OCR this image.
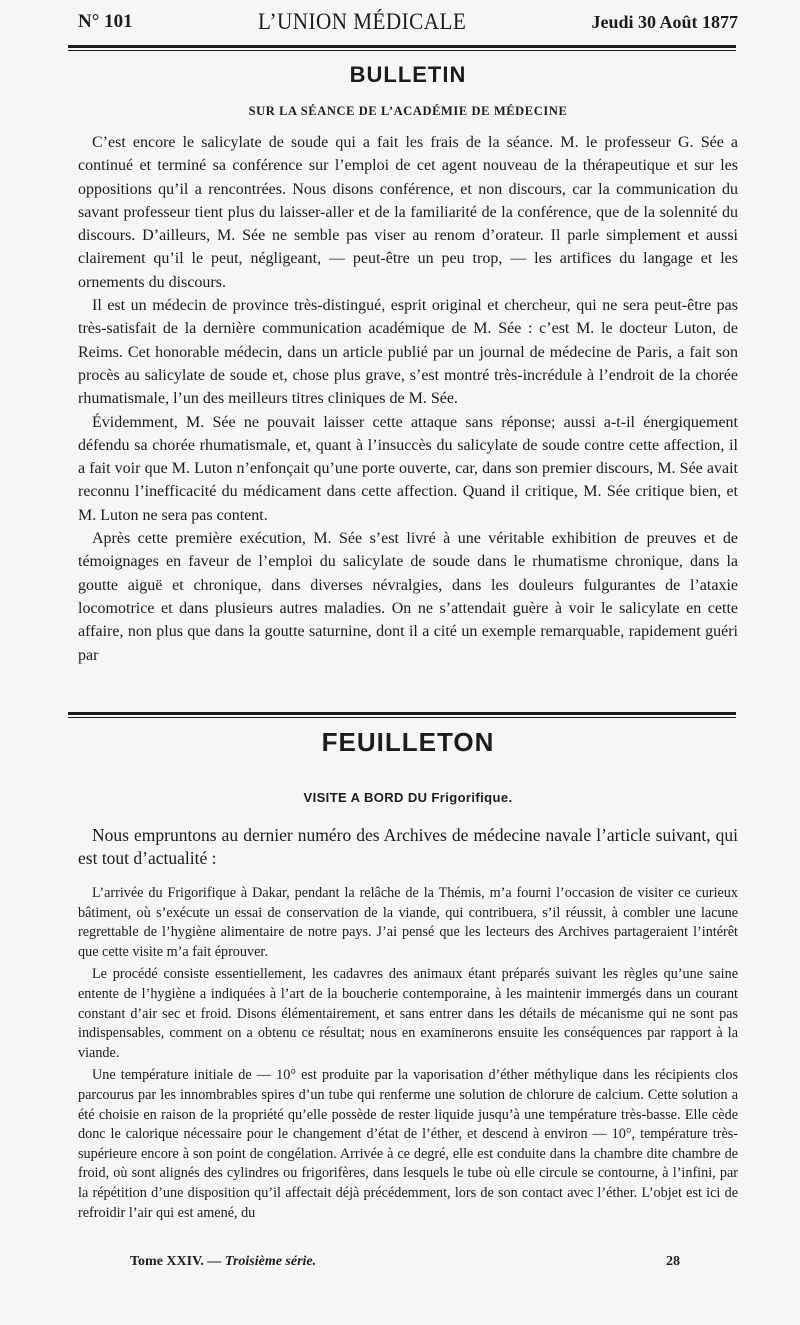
N° 101	L’UNION MÉDICALE	Jeudi 30 Août 1877
BULLETIN
SUR LA SÉANCE DE L’ACADÉMIE DE MÉDECINE

C’est encore le salicylate de soude qui a fait les frais de la séance. M. le professeur G. Sée a continué et terminé sa conférence sur l’emploi de cet agent nouveau de la thérapeutique et sur les oppositions qu’il a rencontrées. Nous disons conférence, et non discours, car la communication du savant professeur tient plus du laisser-aller et de la familiarité de la conférence, que de la solennité du discours. D’ailleurs, M. Sée ne semble pas viser au renom d’orateur. Il parle simplement et aussi clairement qu’il le peut, négligeant, — peut-être un peu trop, — les artifices du langage et les ornements du discours.

Il est un médecin de province très-distingué, esprit original et chercheur, qui ne sera peut-être pas très-satisfait de la dernière communication académique de M. Sée : c’est M. le docteur Luton, de Reims. Cet honorable médecin, dans un article publié par un journal de médecine de Paris, a fait son procès au salicylate de soude et, chose plus grave, s’est montré très-incrédule à l’endroit de la chorée rhumatismale, l’un des meilleurs titres cliniques de M. Sée.

Évidemment, M. Sée ne pouvait laisser cette attaque sans réponse; aussi a-t-il énergiquement défendu sa chorée rhumatismale, et, quant à l’insuccès du salicylate de soude contre cette affection, il a fait voir que M. Luton n’enfonçait qu’une porte ouverte, car, dans son premier discours, M. Sée avait reconnu l’inefficacité du médicament dans cette affection. Quand il critique, M. Sée critique bien, et M. Luton ne sera pas content.

Après cette première exécution, M. Sée s’est livré à une véritable exhibition de preuves et de témoignages en faveur de l’emploi du salicylate de soude dans le rhumatisme chronique, dans la goutte aiguë et chronique, dans diverses névralgies, dans les douleurs fulgurantes de l’ataxie locomotrice et dans plusieurs autres maladies. On ne s’attendait guère à voir le salicylate en cette affaire, non plus que dans la goutte saturnine, dont il a cité un exemple remarquable, rapidement guéri par

FEUILLETON
VISITE A BORD DU Frigorifique.

Nous empruntons au dernier numéro des Archives de médecine navale l’article suivant, qui est tout d’actualité :

L’arrivée du Frigorifique à Dakar, pendant la relâche de la Thémis, m’a fourni l’occasion de visiter ce curieux bâtiment, où s’exécute un essai de conservation de la viande, qui contribuera, s’il réussit, à combler une lacune regrettable de l’hygiène alimentaire de notre pays. J’ai pensé que les lecteurs des Archives partageraient l’intérêt que cette visite m’a fait éprouver.

Le procédé consiste essentiellement, les cadavres des animaux étant préparés suivant les règles qu’une saine entente de l’hygiène a indiquées à l’art de la boucherie contemporaine, à les maintenir immergés dans un courant constant d’air sec et froid. Disons élémentairement, et sans entrer dans les détails de mécanisme qui ne sont pas indispensables, comment on a obtenu ce résultat; nous en examinerons ensuite les conséquences par rapport à la viande.

Une température initiale de — 10° est produite par la vaporisation d’éther méthylique dans les récipients clos parcourus par les innombrables spires d’un tube qui renferme une solution de chlorure de calcium. Cette solution a été choisie en raison de la propriété qu’elle possède de rester liquide jusqu’à une température très-basse. Elle cède donc le calorique nécessaire pour le changement d’état de l’éther, et descend à environ — 10°, température très-supérieure encore à son point de congélation. Arrivée à ce degré, elle est conduite dans la chambre dite chambre de froid, où sont alignés des cylindres ou frigorifères, dans lesquels le tube où elle circule se contourne, à l’infini, par la répétition d’une disposition qu’il affectait déjà précédemment, lors de son contact avec l’éther. L’objet est ici de refroidir l’air qui est amené, du

Tome XXIV. — Troisième série.	28
